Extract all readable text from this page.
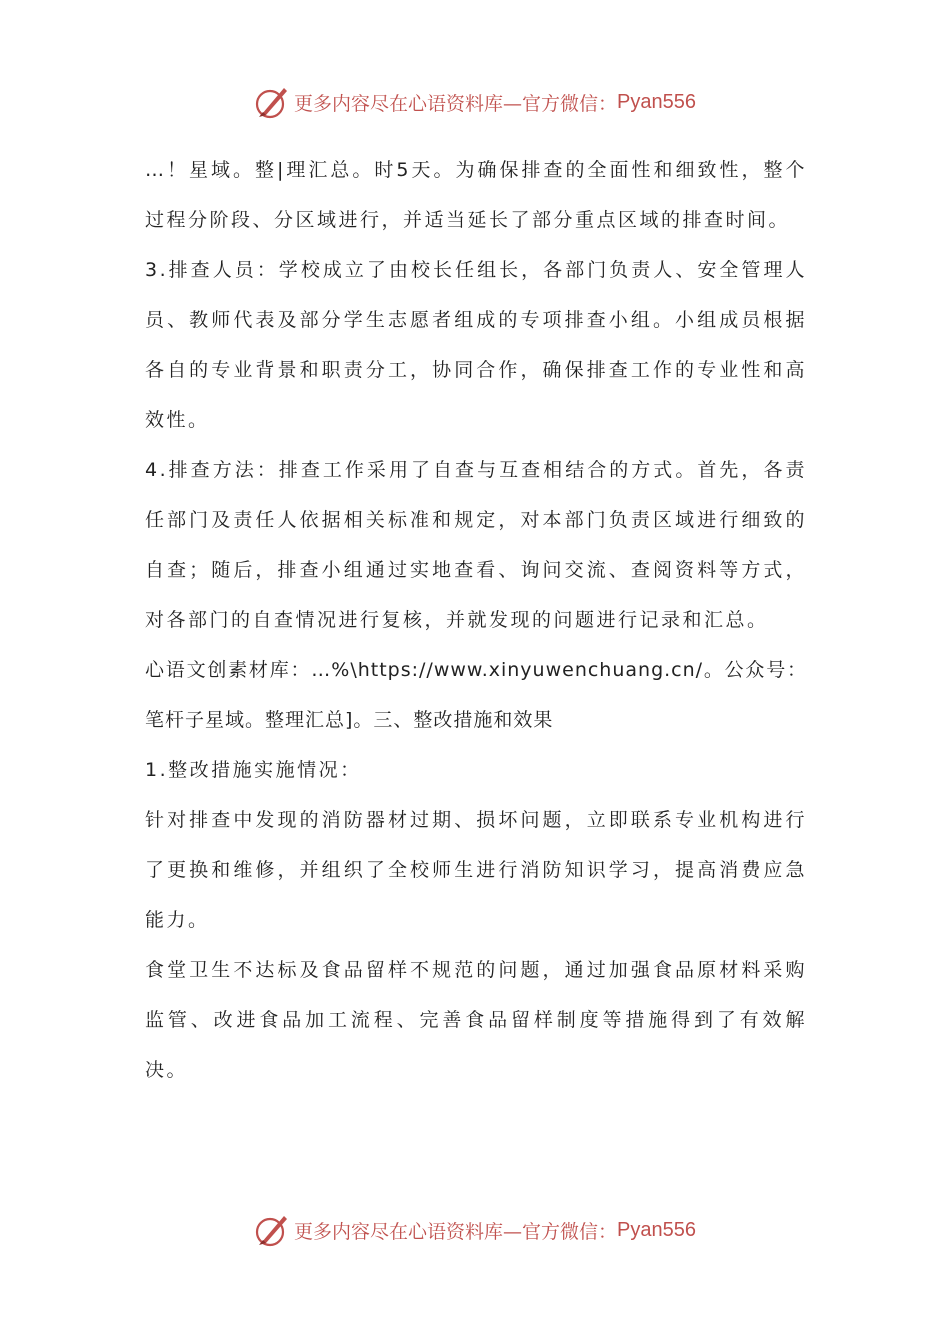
更多内容尽在心语资料库—官方微信： Pyan556

…！星域。整|理汇总。时5天。为确保排查的全面性和细致性，整个过程分阶段、分区域进行，并适当延长了部分重点区域的排查时间。

3.排查人员：学校成立了由校长任组长，各部门负责人、安全管理人员、教师代表及部分学生志愿者组成的专项排查小组。小组成员根据各自的专业背景和职责分工，协同合作，确保排查工作的专业性和高效性。

4.排查方法：排查工作采用了自查与互查相结合的方式。首先，各责任部门及责任人依据相关标准和规定，对本部门负责区域进行细致的自查；随后，排查小组通过实地查看、询问交流、查阅资料等方式，对各部门的自查情况进行复核，并就发现的问题进行记录和汇总。

心语文创素材库：…%\https://www.xinyuwenchuang.cn/。公众号：笔杆子星域。整理汇总]。三、整改措施和效果

1.整改措施实施情况：

针对排查中发现的消防器材过期、损坏问题，立即联系专业机构进行了更换和维修，并组织了全校师生进行消防知识学习，提高消费应急能力。

食堂卫生不达标及食品留样不规范的问题，通过加强食品原材料采购监管、改进食品加工流程、完善食品留样制度等措施得到了有效解决。

更多内容尽在心语资料库—官方微信： Pyan556
